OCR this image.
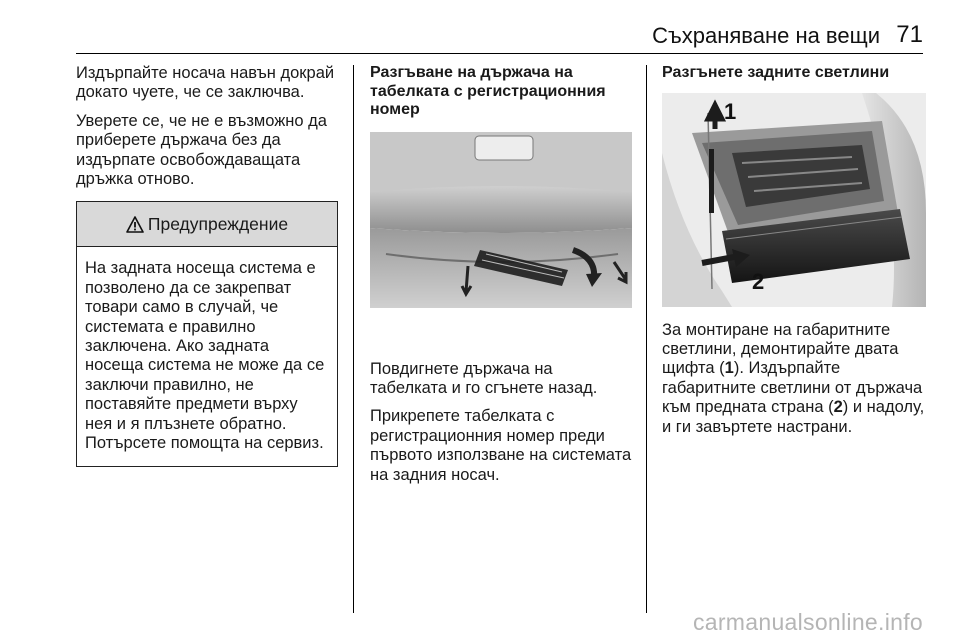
Съхраняване на вещи 71

Издърпайте носача навън докрай докато чуете, че се заключва.

Уверете се, че не е възможно да приберете държача без да издърпате освобождаващата дръжка отново.

Предупреждение
На задната носеща система е позволено да се закрепват товари само в случай, че системата е правилно заключена. Ако задната носеща система не може да се заключи правилно, не поставяйте предмети върху нея и я плъзнете обратно. Потърсете помощта на сервиз.
Разгъване на държача на табелката с регистрационния номер

Повдигнете държача на табелката и го сгънете назад.

Прикрепете табелката с регистрационния номер преди първото използване на системата на задния носач.

Разгънете задните светлини
1
2

За монтиране на габаритните светлини, демонтирайте двата щифта (1). Издърпайте габаритните светлини от държача към предната страна (2) и надолу, и ги завъртете настрани.

carmanualsonline.info
